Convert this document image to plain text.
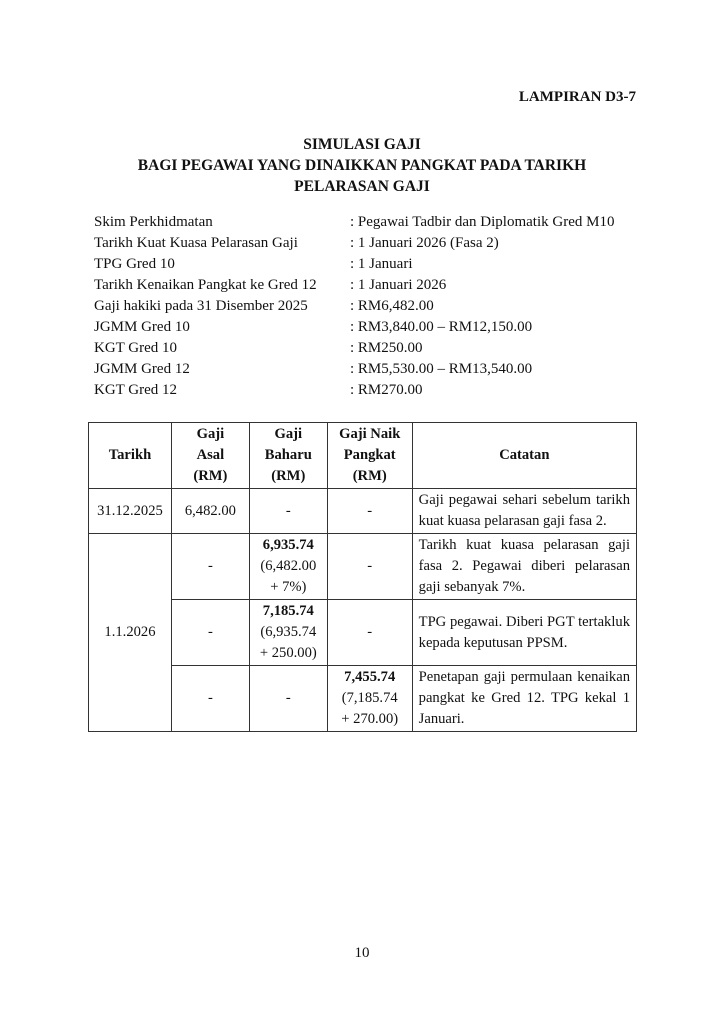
LAMPIRAN D3-7
SIMULASI GAJI
BAGI PEGAWAI YANG DINAIKKAN PANGKAT PADA TARIKH
PELARASAN GAJI
Skim Perkhidmatan	: Pegawai Tadbir dan Diplomatik Gred M10
Tarikh Kuat Kuasa Pelarasan Gaji	: 1 Januari 2026 (Fasa 2)
TPG Gred 10	: 1 Januari
Tarikh Kenaikan Pangkat ke Gred 12	: 1 Januari 2026
Gaji hakiki pada 31 Disember 2025	: RM6,482.00
JGMM Gred 10	: RM3,840.00 – RM12,150.00
KGT Gred 10	: RM250.00
JGMM Gred 12	: RM5,530.00 – RM13,540.00
KGT Gred 12	: RM270.00
Tarikh	Gaji
Asal
(RM)	Gaji
Baharu
(RM)	Gaji Naik
Pangkat
(RM)	Catatan
31.12.2025	6,482.00	-	-	Gaji pegawai sehari sebelum tarikh kuat kuasa pelarasan gaji fasa 2.
1.1.2026	-	6,935.74
(6,482.00
+ 7%)	-	Tarikh kuat kuasa pelarasan gaji fasa 2. Pegawai diberi pelarasan gaji sebanyak 7%.
	-	7,185.74
(6,935.74
+ 250.00)	-	TPG pegawai. Diberi PGT tertakluk kepada keputusan PPSM.
	-	-	7,455.74
(7,185.74
+ 270.00)	Penetapan gaji permulaan kenaikan pangkat ke Gred 12. TPG kekal 1 Januari.
10
